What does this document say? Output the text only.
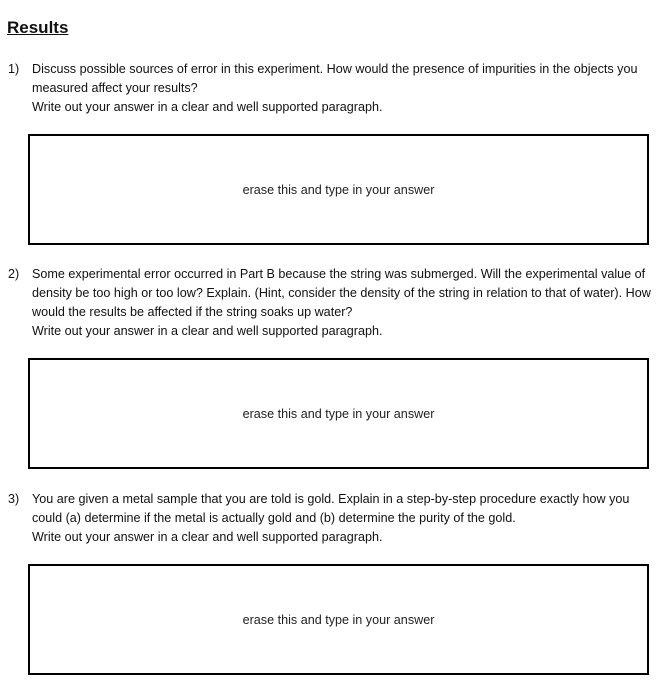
Results
1) Discuss possible sources of error in this experiment. How would the presence of impurities in the objects you measured affect your results?

Write out your answer in a clear and well supported paragraph.

erase this and type in your answer
2) Some experimental error occurred in Part B because the string was submerged. Will the experimental value of density be too high or too low? Explain. (Hint, consider the density of the string in relation to that of water). How would the results be affected if the string soaks up water?

Write out your answer in a clear and well supported paragraph.

erase this and type in your answer
3) You are given a metal sample that you are told is gold. Explain in a step-by-step procedure exactly how you could (a) determine if the metal is actually gold and (b) determine the purity of the gold.

Write out your answer in a clear and well supported paragraph.

erase this and type in your answer
